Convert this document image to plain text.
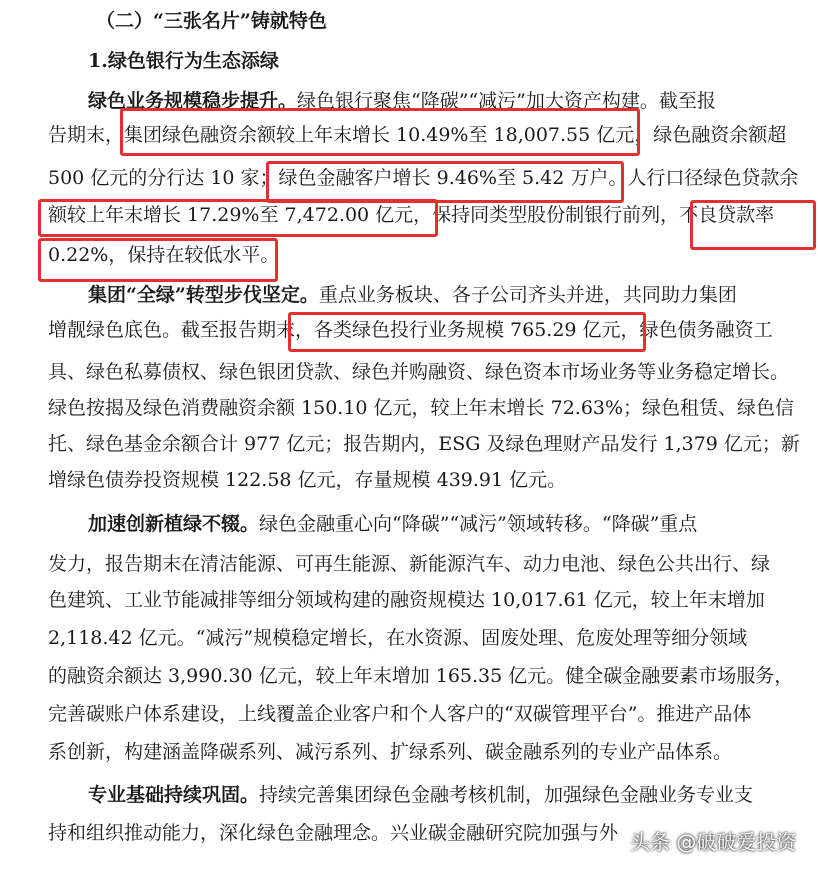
（二）“三张名片”铸就特色
1.绿色银行为生态添绿
绿色业务规模稳步提升。绿色银行聚焦“降碳”“减污”加大资产构建。截至报
告期末，集团绿色融资余额较上年末增长 10.49%至 18,007.55 亿元，绿色融资余额超
500 亿元的分行达 10 家；绿色金融客户增长 9.46%至 5.42 万户。人行口径绿色贷款余
额较上年末增长 17.29%至 7,472.00 亿元，保持同类型股份制银行前列，不良贷款率
0.22%，保持在较低水平。
集团“全绿”转型步伐坚定。重点业务板块、各子公司齐头并进，共同助力集团
增靓绿色底色。截至报告期末，各类绿色投行业务规模 765.29 亿元，绿色债务融资工
具、绿色私募债权、绿色银团贷款、绿色并购融资、绿色资本市场业务等业务稳定增长。
绿色按揭及绿色消费融资余额 150.10 亿元，较上年末增长 72.63%；绿色租赁、绿色信
托、绿色基金余额合计 977 亿元；报告期内，ESG 及绿色理财产品发行 1,379 亿元；新
增绿色债券投资规模 122.58 亿元，存量规模 439.91 亿元。
加速创新植绿不辍。绿色金融重心向“降碳”“减污”领域转移。“降碳”重点
发力，报告期末在清洁能源、可再生能源、新能源汽车、动力电池、绿色公共出行、绿
色建筑、工业节能减排等细分领域构建的融资规模达 10,017.61 亿元，较上年末增加
2,118.42 亿元。“减污”规模稳定增长，在水资源、固废处理、危废处理等细分领域
的融资余额达 3,990.30 亿元，较上年末增加 165.35 亿元。健全碳金融要素市场服务，
完善碳账户体系建设，上线覆盖企业客户和个人客户的“双碳管理平台”。推进产品体
系创新，构建涵盖降碳系列、减污系列、扩绿系列、碳金融系列的专业产品体系。
专业基础持续巩固。持续完善集团绿色金融考核机制，加强绿色金融业务专业支
持和组织推动能力，深化绿色金融理念。兴业碳金融研究院加强与外 头条 @破破爱投资
